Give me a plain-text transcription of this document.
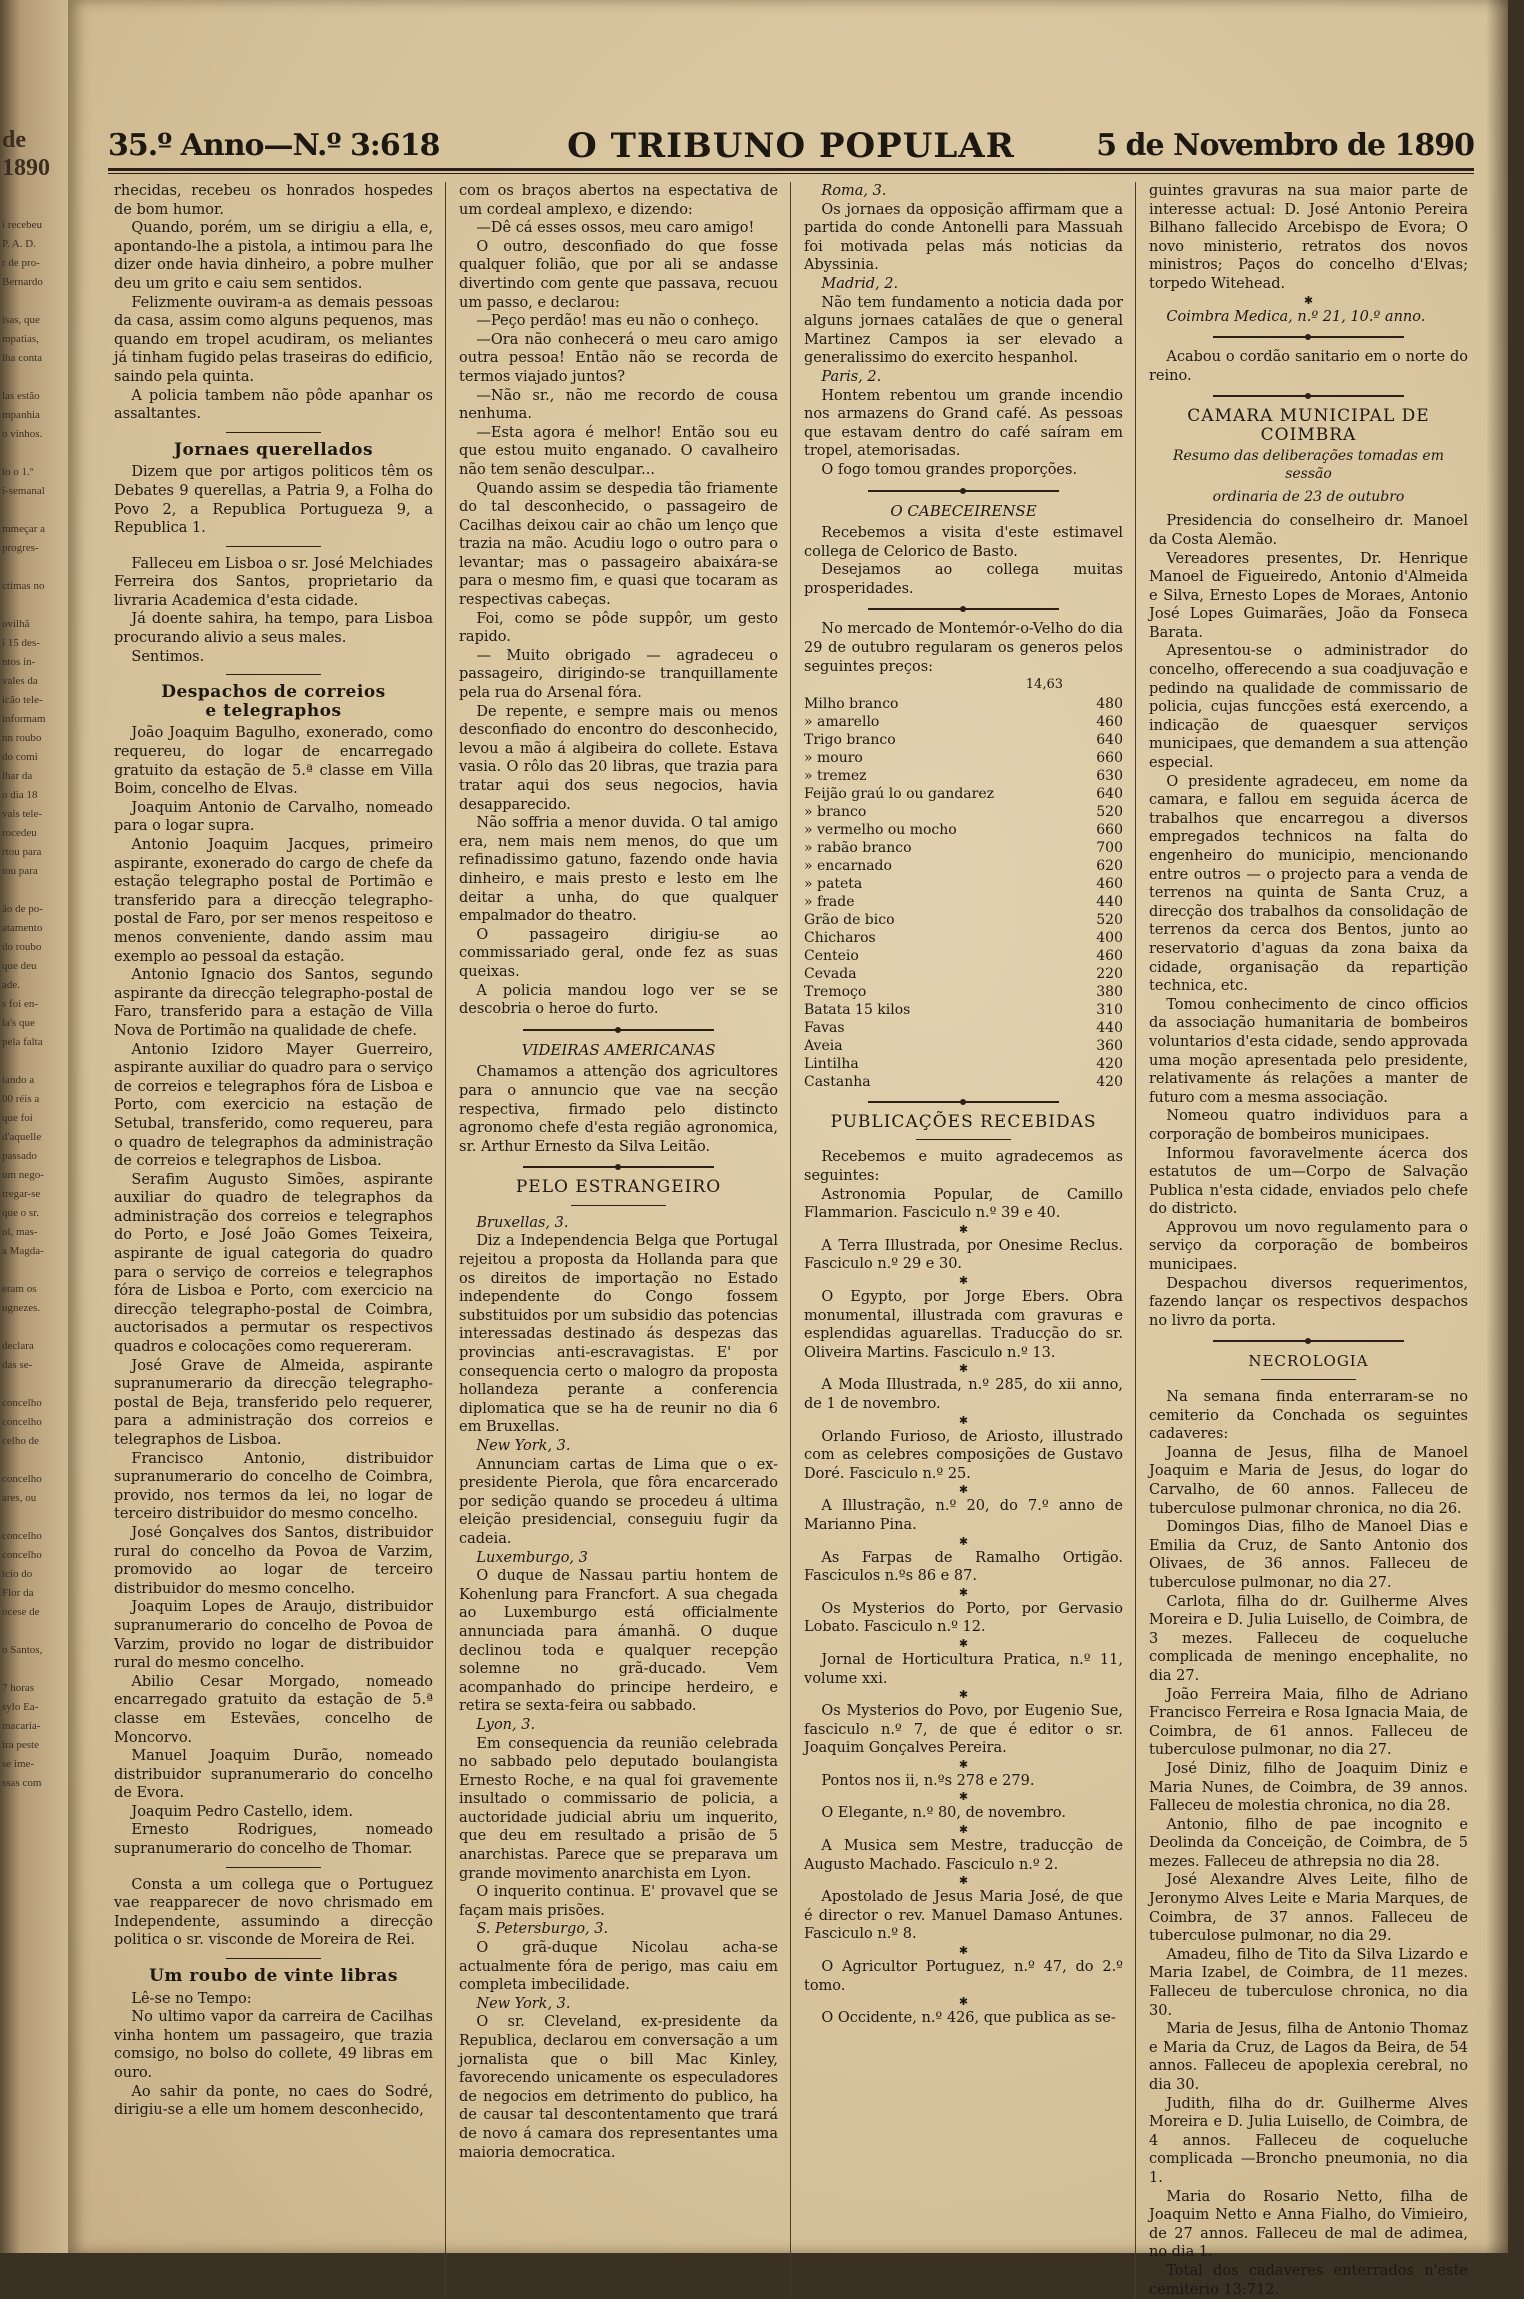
de 1890
i recebeu
P. A. D.
r de pro-
Bernardo
isas, que
mpatias,
lha conta
las estão
mpanhia
o vinhos.
lo o 1.º
i-semanal
mmeçar a
progres-
ctimas no
ovilhã
i 15 des-
ntos in-
vales da
icão tele-
informam
nn roubo
do comi
lhar da
o dia 18
vais tele-
rocedeu
rtou para
tou para
ão de po-
atamento
do roubo
que deu
ade.
s foi en-
la's que
pela falta
iando a
00 réis a
que foi
d'aquelle
passado
um nego-
tregar-se
que o sr.
ol, mas-
a Magda-
eram os
ugnezes.
declara
das se-
concelho
concelho
celho de
concelho
ares, ou
concelho
concelho
ício do
Flor da
ocese de
o Santos,
7 horas
sylo Ea-
macaria-
ira peste
se ime-
ssas com
35.º Anno—N.º 3:618	O TRIBUNO POPULAR	5 de Novembro de 1890

rhecidas, recebeu os honrados hospedes de bom humor.

Quando, porém, um se dirigiu a ella, e, apontando-lhe a pistola, a intimou para lhe dizer onde havia dinheiro, a pobre mulher deu um grito e caiu sem sentidos.

Felizmente ouviram-a as demais pessoas da casa, assim como alguns pequenos, mas quando em tropel acudiram, os meliantes já tinham fugido pelas traseiras do edificio, saindo pela quinta.

A policia tambem não pôde apanhar os assaltantes.

Jornaes querellados

Dizem que por artigos politicos têm os Debates 9 querellas, a Patria 9, a Folha do Povo 2, a Republica Portugueza 9, a Republica 1.

Falleceu em Lisboa o sr. José Melchiades Ferreira dos Santos, proprietario da livraria Academica d'esta cidade.

Já doente sahira, ha tempo, para Lisboa procurando alivio a seus males.

Sentimos.

Despachos de correios
e telegraphos

João Joaquim Bagulho, exonerado, como requereu, do logar de encarregado gratuito da estação de 5.ª classe em Villa Boim, concelho de Elvas.

Joaquim Antonio de Carvalho, nomeado para o logar supra.

Antonio Joaquim Jacques, primeiro aspirante, exonerado do cargo de chefe da estação telegrapho postal de Portimão e transferido para a direcção telegrapho-postal de Faro, por ser menos respeitoso e menos conveniente, dando assim mau exemplo ao pessoal da estação.

Antonio Ignacio dos Santos, segundo aspirante da direcção telegrapho-postal de Faro, transferido para a estação de Villa Nova de Portimão na qualidade de chefe.

Antonio Izidoro Mayer Guerreiro, aspirante auxiliar do quadro para o serviço de correios e telegraphos fóra de Lisboa e Porto, com exercicio na estação de Setubal, transferido, como requereu, para o quadro de telegraphos da administração de correios e telegraphos de Lisboa.

Serafim Augusto Simões, aspirante auxiliar do quadro de telegraphos da administração dos correios e telegraphos do Porto, e José João Gomes Teixeira, aspirante de igual categoria do quadro para o serviço de correios e telegraphos fóra de Lisboa e Porto, com exercicio na direcção telegrapho-postal de Coimbra, auctorisados a permutar os respectivos quadros e colocações como requereram.

José Grave de Almeida, aspirante supranumerario da direcção telegrapho-postal de Beja, transferido pelo requerer, para a administração dos correios e telegraphos de Lisboa.

Francisco Antonio, distribuidor supranumerario do concelho de Coimbra, provido, nos termos da lei, no logar de terceiro distribuidor do mesmo concelho.

José Gonçalves dos Santos, distribuidor rural do concelho da Povoa de Varzim, promovido ao logar de terceiro distribuidor do mesmo concelho.

Joaquim Lopes de Araujo, distribuidor supranumerario do concelho de Povoa de Varzim, provido no logar de distribuidor rural do mesmo concelho.

Abilio Cesar Morgado, nomeado encarregado gratuito da estação de 5.ª classe em Estevães, concelho de Moncorvo.

Manuel Joaquim Durão, nomeado distribuidor supranumerario do concelho de Evora.

Joaquim Pedro Castello, idem.

Ernesto Rodrigues, nomeado supranumerario do concelho de Thomar.

Consta a um collega que o Portuguez vae reapparecer de novo chrismado em Independente, assumindo a direcção politica o sr. visconde de Moreira de Rei.

Um roubo de vinte libras

Lê-se no Tempo:

No ultimo vapor da carreira de Cacilhas vinha hontem um passageiro, que trazia comsigo, no bolso do collete, 49 libras em ouro.

Ao sahir da ponte, no caes do Sodré, dirigiu-se a elle um homem desconhecido,

com os braços abertos na espectativa de um cordeal amplexo, e dizendo:

—Dê cá esses ossos, meu caro amigo!

O outro, desconfiado do que fosse qualquer folião, que por ali se andasse divertindo com gente que passava, recuou um passo, e declarou:

—Peço perdão! mas eu não o conheço.

—Ora não conhecerá o meu caro amigo outra pessoa! Então não se recorda de termos viajado juntos?

—Não sr., não me recordo de cousa nenhuma.

—Esta agora é melhor! Então sou eu que estou muito enganado. O cavalheiro não tem senão desculpar...

Quando assim se despedia tão friamente do tal desconhecido, o passageiro de Cacilhas deixou cair ao chão um lenço que trazia na mão. Acudiu logo o outro para o levantar; mas o passageiro abaixára-se para o mesmo fim, e quasi que tocaram as respectivas cabeças.

Foi, como se pôde suppôr, um gesto rapido.

— Muito obrigado — agradeceu o passageiro, dirigindo-se tranquillamente pela rua do Arsenal fóra.

De repente, e sempre mais ou menos desconfiado do encontro do desconhecido, levou a mão á algibeira do collete. Estava vasia. O rôlo das 20 libras, que trazia para tratar aqui dos seus negocios, havia desapparecido.

Não soffria a menor duvida. O tal amigo era, nem mais nem menos, do que um refinadissimo gatuno, fazendo onde havia dinheiro, e mais presto e lesto em lhe deitar a unha, do que qualquer empalmador do theatro.

O passageiro dirigiu-se ao commissariado geral, onde fez as suas queixas.

A policia mandou logo ver se se descobria o heroe do furto.

VIDEIRAS AMERICANAS

Chamamos a attenção dos agricultores para o annuncio que vae na secção respectiva, firmado pelo distincto agronomo chefe d'esta região agronomica, sr. Arthur Ernesto da Silva Leitão.

PELO ESTRANGEIRO

Bruxellas, 3.

Diz a Independencia Belga que Portugal rejeitou a proposta da Hollanda para que os direitos de importação no Estado independente do Congo fossem substituidos por um subsidio das potencias interessadas destinado ás despezas das provincias anti-escravagistas. E' por consequencia certo o malogro da proposta hollandeza perante a conferencia diplomatica que se ha de reunir no dia 6 em Bruxellas.

New York, 3.

Annunciam cartas de Lima que o ex-presidente Pierola, que fôra encarcerado por sedição quando se procedeu á ultima eleição presidencial, conseguiu fugir da cadeia.

Luxemburgo, 3

O duque de Nassau partiu hontem de Kohenlung para Francfort. A sua chegada ao Luxemburgo está officialmente annunciada para ámanhã. O duque declinou toda e qualquer recepção solemne no grã-ducado. Vem acompanhado do principe herdeiro, e retira se sexta-feira ou sabbado.

Lyon, 3.

Em consequencia da reunião celebrada no sabbado pelo deputado boulangista Ernesto Roche, e na qual foi gravemente insultado o commissario de policia, a auctoridade judicial abriu um inquerito, que deu em resultado a prisão de 5 anarchistas. Parece que se preparava um grande movimento anarchista em Lyon.

O inquerito continua. E' provavel que se façam mais prisões.

S. Petersburgo, 3.

O grã-duque Nicolau acha-se actualmente fóra de perigo, mas caiu em completa imbecilidade.

New York, 3.

O sr. Cleveland, ex-presidente da Republica, declarou em conversação a um jornalista que o bill Mac Kinley, favorecendo unicamente os especuladores de negocios em detrimento do publico, ha de causar tal descontentamento que trará de novo á camara dos representantes uma maioria democratica.

Roma, 3.

Os jornaes da opposição affirmam que a partida do conde Antonelli para Massuah foi motivada pelas más noticias da Abyssinia.

Madrid, 2.

Não tem fundamento a noticia dada por alguns jornaes catalães de que o general Martinez Campos ia ser elevado a generalissimo do exercito hespanhol.

Paris, 2.

Hontem rebentou um grande incendio nos armazens do Grand café. As pessoas que estavam dentro do café saíram em tropel, atemorisadas.

O fogo tomou grandes proporções.

O CABECEIRENSE

Recebemos a visita d'este estimavel collega de Celorico de Basto.

Desejamos ao collega muitas prosperidades.

No mercado de Montemór-o-Velho do dia 29 de outubro regularam os generos pelos seguintes preços:

14,63
Milho branco	480
» amarello	460
Trigo branco	640
» mouro	660
» tremez	630
Feijão graú lo ou gandarez	640
» branco	520
» vermelho ou mocho	660
» rabão branco	700
» encarnado	620
» pateta	460
» frade	440
Grão de bico	520
Chicharos	400
Centeio	460
Cevada	220
Tremoço	380
Batata 15 kilos	310
Favas	440
Aveia	360
Lintilha	420
Castanha	420
PUBLICAÇÕES RECEBIDAS

Recebemos e muito agradecemos as seguintes:

Astronomia Popular, de Camillo Flammarion. Fasciculo n.º 39 e 40.

✱

A Terra Illustrada, por Onesime Reclus. Fasciculo n.º 29 e 30.

✱

O Egypto, por Jorge Ebers. Obra monumental, illustrada com gravuras e esplendidas aguarellas. Traducção do sr. Oliveira Martins. Fasciculo n.º 13.

✱

A Moda Illustrada, n.º 285, do xii anno, de 1 de novembro.

✱

Orlando Furioso, de Ariosto, illustrado com as celebres composições de Gustavo Doré. Fasciculo n.º 25.

✱

A Illustração, n.º 20, do 7.º anno de Marianno Pina.

✱

As Farpas de Ramalho Ortigão. Fasciculos n.ºs 86 e 87.

✱

Os Mysterios do Porto, por Gervasio Lobato. Fasciculo n.º 12.

✱

Jornal de Horticultura Pratica, n.º 11, volume xxi.

✱

Os Mysterios do Povo, por Eugenio Sue, fasciculo n.º 7, de que é editor o sr. Joaquim Gonçalves Pereira.

✱

Pontos nos ii, n.ºs 278 e 279.

✱

O Elegante, n.º 80, de novembro.

✱

A Musica sem Mestre, traducção de Augusto Machado. Fasciculo n.º 2.

✱

Apostolado de Jesus Maria José, de que é director o rev. Manuel Damaso Antunes. Fasciculo n.º 8.

✱

O Agricultor Portuguez, n.º 47, do 2.º tomo.

✱

O Occidente, n.º 426, que publica as se-

guintes gravuras na sua maior parte de interesse actual: D. José Antonio Pereira Bilhano fallecido Arcebispo de Evora; O novo ministerio, retratos dos novos ministros; Paços do concelho d'Elvas; torpedo Witehead.

✱

Coimbra Medica, n.º 21, 10.º anno.

Acabou o cordão sanitario em o norte do reino.

CAMARA MUNICIPAL DE COIMBRA
Resumo das deliberações tomadas em sessão
ordinaria de 23 de outubro

Presidencia do conselheiro dr. Manoel da Costa Alemão.

Vereadores presentes, Dr. Henrique Manoel de Figueiredo, Antonio d'Almeida e Silva, Ernesto Lopes de Moraes, Antonio José Lopes Guimarães, João da Fonseca Barata.

Apresentou-se o administrador do concelho, offerecendo a sua coadjuvação e pedindo na qualidade de commissario de policia, cujas funcções está exercendo, a indicação de quaesquer serviços municipaes, que demandem a sua attenção especial.

O presidente agradeceu, em nome da camara, e fallou em seguida ácerca de trabalhos que encarregou a diversos empregados technicos na falta do engenheiro do municipio, mencionando entre outros — o projecto para a venda de terrenos na quinta de Santa Cruz, a direcção dos trabalhos da consolidação de terrenos da cerca dos Bentos, junto ao reservatorio d'aguas da zona baixa da cidade, organisação da repartição technica, etc.

Tomou conhecimento de cinco officios da associação humanitaria de bombeiros voluntarios d'esta cidade, sendo approvada uma moção apresentada pelo presidente, relativamente ás relações a manter de futuro com a mesma associação.

Nomeou quatro individuos para a corporação de bombeiros municipaes.

Informou favoravelmente ácerca dos estatutos de um—Corpo de Salvação Publica n'esta cidade, enviados pelo chefe do districto.

Approvou um novo regulamento para o serviço da corporação de bombeiros municipaes.

Despachou diversos requerimentos, fazendo lançar os respectivos despachos no livro da porta.

NECROLOGIA

Na semana finda enterraram-se no cemiterio da Conchada os seguintes cadaveres:

Joanna de Jesus, filha de Manoel Joaquim e Maria de Jesus, do logar do Carvalho, de 60 annos. Falleceu de tuberculose pulmonar chronica, no dia 26.

Domingos Dias, filho de Manoel Dias e Emilia da Cruz, de Santo Antonio dos Olivaes, de 36 annos. Falleceu de tuberculose pulmonar, no dia 27.

Carlota, filha do dr. Guilherme Alves Moreira e D. Julia Luisello, de Coimbra, de 3 mezes. Falleceu de coqueluche complicada de meningo encephalite, no dia 27.

João Ferreira Maia, filho de Adriano Francisco Ferreira e Rosa Ignacia Maia, de Coimbra, de 61 annos. Falleceu de tuberculose pulmonar, no dia 27.

José Diniz, filho de Joaquim Diniz e Maria Nunes, de Coimbra, de 39 annos. Falleceu de molestia chronica, no dia 28.

Antonio, filho de pae incognito e Deolinda da Conceição, de Coimbra, de 5 mezes. Falleceu de athrepsia no dia 28.

José Alexandre Alves Leite, filho de Jeronymo Alves Leite e Maria Marques, de Coimbra, de 37 annos. Falleceu de tuberculose pulmonar, no dia 29.

Amadeu, filho de Tito da Silva Lizardo e Maria Izabel, de Coimbra, de 11 mezes. Falleceu de tuberculose chronica, no dia 30.

Maria de Jesus, filha de Antonio Thomaz e Maria da Cruz, de Lagos da Beira, de 54 annos. Falleceu de apoplexia cerebral, no dia 30.

Judith, filha do dr. Guilherme Alves Moreira e D. Julia Luisello, de Coimbra, de 4 annos. Falleceu de coqueluche complicada —Broncho pneumonia, no dia 1.

Maria do Rosario Netto, filha de Joaquim Netto e Anna Fialho, do Vimieiro, de 27 annos. Falleceu de mal de adimea, no dia 1.

Total dos cadaveres enterrados n'este cemiterio 13:712.
